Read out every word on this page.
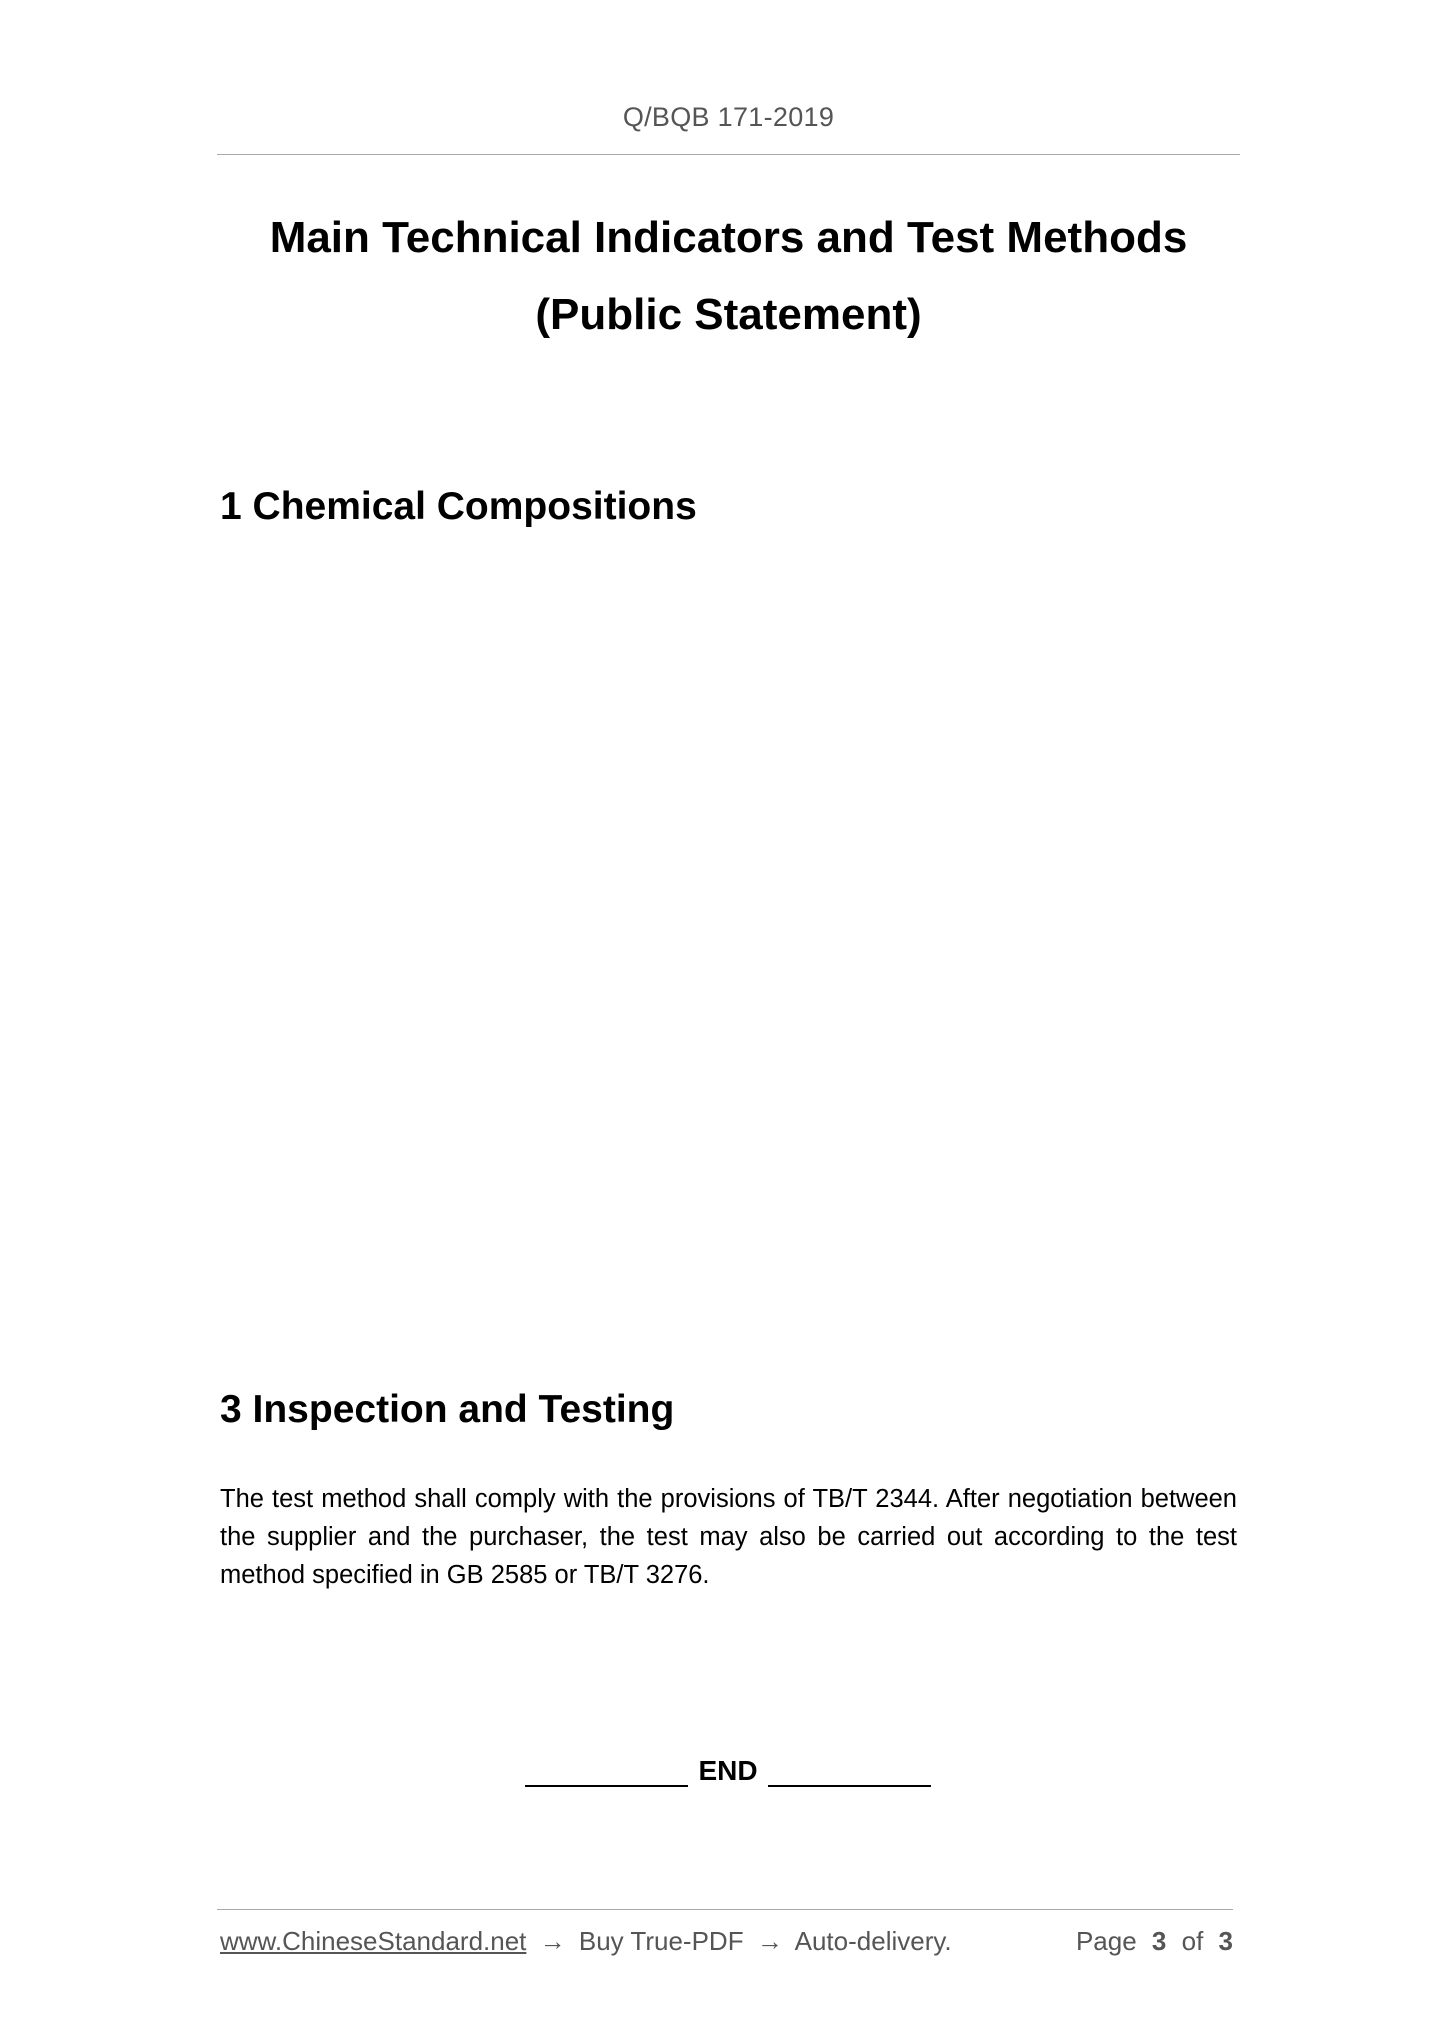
Q/BQB 171-2019
Main Technical Indicators and Test Methods
(Public Statement)
1 Chemical Compositions
3 Inspection and Testing

The test method shall comply with the provisions of TB/T 2344. After negotiation between the supplier and the purchaser, the test may also be carried out according to the test method specified in GB 2585 or TB/T 3276.

END
www.ChineseStandard.net → Buy True-PDF → Auto-delivery.	Page 3 of 3
